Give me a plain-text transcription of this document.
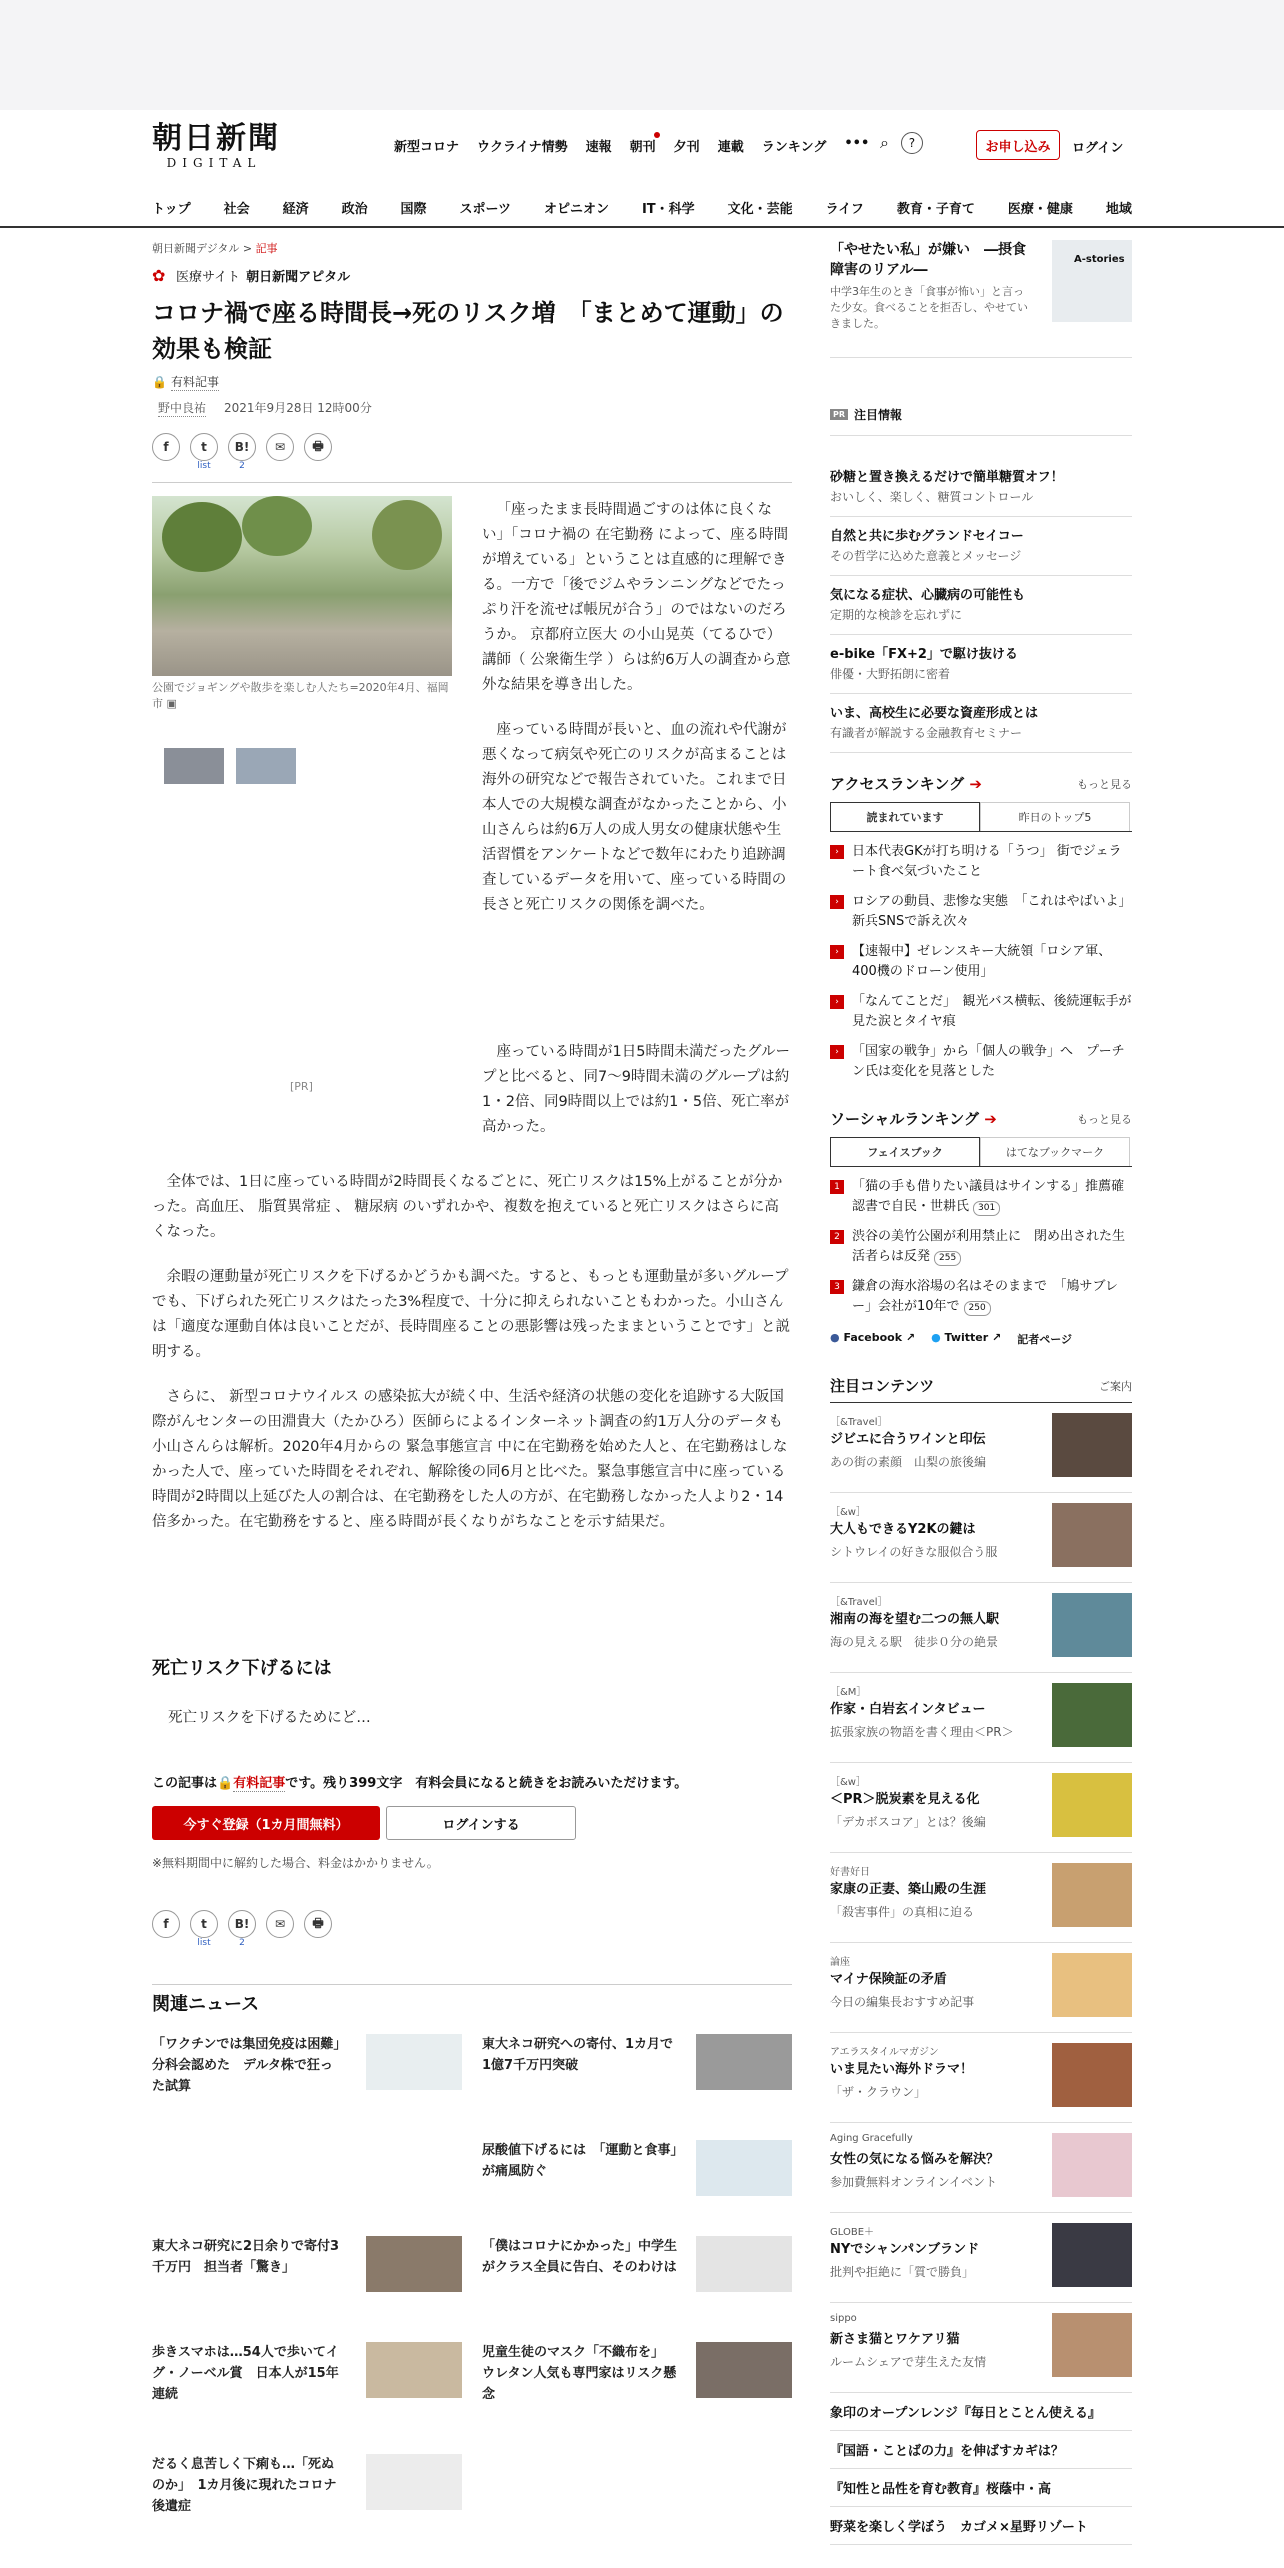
朝日新聞
DIGITAL
新型コロナ ウクライナ情勢 速報 朝刊 夕刊 連載 ランキング ••• ⌕	?	お申し込み	ログイン
トップ	社会	経済	政治	国際	スポーツ	オピニオン	IT・科学	文化・芸能	ライフ	教育・子育て	医療・健康	地域
朝日新聞デジタル > 記事
✿ 医療サイト 朝日新聞アピタル
コロナ禍で座る時間長→死のリスク増　「まとめて運動」の効果も検証
🔒 有料記事
野中良祐 2021年9月28日 12時00分
f	t
list
B!
2
✉	🖶
公園でジョギングや散歩を楽しむ人たち=2020年4月、福岡市 ▣
[PR]

「座ったまま長時間過ごすのは体に良くない」「コロナ禍の 在宅勤務 によって、座る時間が増えている」ということは直感的に理解できる。一方で「後でジムやランニングなどでたっぷり汗を流せば帳尻が合う」のではないのだろうか。 京都府立医大 の小山晃英（てるひで）講師（ 公衆衛生学 ）らは約6万人の調査から意外な結果を導き出した。

座っている時間が長いと、血の流れや代謝が悪くなって病気や死亡のリスクが高まることは海外の研究などで報告されていた。これまで日本人での大規模な調査がなかったことから、小山さんらは約6万人の成人男女の健康状態や生活習慣をアンケートなどで数年にわたり追跡調査しているデータを用いて、座っている時間の長さと死亡リスクの関係を調べた。

座っている時間が1日5時間未満だったグループと比べると、同7～9時間未満のグループは約1・2倍、同9時間以上では約1・5倍、死亡率が高かった。

全体では、1日に座っている時間が2時間長くなるごとに、死亡リスクは15%上がることが分かった。高血圧、 脂質異常症 、 糖尿病 のいずれかや、複数を抱えていると死亡リスクはさらに高くなった。

余暇の運動量が死亡リスクを下げるかどうかも調べた。すると、もっとも運動量が多いグループでも、下げられた死亡リスクはたった3%程度で、十分に抑えられないこともわかった。小山さんは「適度な運動自体は良いことだが、長時間座ることの悪影響は残ったままということです」と説明する。

さらに、 新型コロナウイルス の感染拡大が続く中、生活や経済の状態の変化を追跡する大阪国際がんセンターの田淵貴大（たかひろ）医師らによるインターネット調査の約1万人分のデータも小山さんらは解析。2020年4月からの 緊急事態宣言 中に在宅勤務を始めた人と、在宅勤務はしなかった人で、座っていた時間をそれぞれ、解除後の同6月と比べた。緊急事態宣言中に座っている時間が2時間以上延びた人の割合は、在宅勤務をした人の方が、在宅勤務しなかった人より2・14倍多かった。在宅勤務をすると、座る時間が長くなりがちなことを示す結果だ。

死亡リスク下げるには
死亡リスクを下げるためにど…
この記事は🔒有料記事です。残り399文字　有料会員になると続きをお読みいただけます。
今すぐ登録（1カ月間無料）	ログインする
※無料期間中に解約した場合、料金はかかりません。
f	t
list
B!
2
✉	🖶
関連ニュース
「ワクチンでは集団免疫は困難」分科会認めた　デルタ株で狂った試算
東大ネコ研究への寄付、1カ月で1億7千万円突破
尿酸値下げるには　「運動と食事」が痛風防ぐ
東大ネコ研究に2日余りで寄付3千万円　担当者「驚き」
「僕はコロナにかかった」中学生がクラス全員に告白、そのわけは
歩きスマホは…54人で歩いてイグ・ノーベル賞　日本人が15年連続
児童生徒のマスク「不織布を」　ウレタン人気も専門家はリスク懸念
だるく息苦しく下痢も…「死ぬのか」　1カ月後に現れたコロナ後遺症
「やせたい私」が嫌い　―摂食障害のリアル―
中学3年生のとき「食事が怖い」と言った少女。食べることを拒否し、やせていきました。
A-stories
PR 注目情報
砂糖と置き換えるだけで簡単糖質オフ！
おいしく、楽しく、糖質コントロール
自然と共に歩むグランドセイコー
その哲学に込めた意義とメッセージ
気になる症状、心臓病の可能性も
定期的な検診を忘れずに
e-bike「FX+2」で駆け抜ける
俳優・大野拓朗に密着
いま、高校生に必要な資産形成とは
有識者が解説する金融教育セミナー
アクセスランキング ➔	もっと見る
読まれています	昨日のトップ5
›	日本代表GKが打ち明ける「うつ」 街でジェラート食べ気づいたこと
›	ロシアの動員、悲惨な実態　「これはやばいよ」新兵SNSで訴え次々
›	【速報中】ゼレンスキー大統領「ロシア軍、400機のドローン使用」
›	「なんてことだ」　観光バス横転、後続運転手が見た涙とタイヤ痕
›	「国家の戦争」から「個人の戦争」へ　プーチン氏は変化を見落とした
ソーシャルランキング ➔	もっと見る
フェイスブック	はてなブックマーク
1 「猫の手も借りたい議員はサインする」推薦確認書で自民・世耕氏 301
2 渋谷の美竹公園が利用禁止に　閉め出された生活者らは反発 255
3 鎌倉の海水浴場の名はそのままで　「鳩サブレー」会社が10年で 250
● Facebook ↗ ● Twitter ↗ 記者ページ
注目コンテンツ	ご案内
［&Travel］
ジビエに合うワインと印伝
あの街の素顔　山梨の旅後編
［&w］
大人もできるY2Kの鍵は
シトウレイの好きな服似合う服
［&Travel］
湘南の海を望む二つの無人駅
海の見える駅　徒歩０分の絶景
［&M］
作家・白岩玄インタビュー
拡張家族の物語を書く理由＜PR＞
［&w］
＜PR＞脱炭素を見える化
「デカボスコア」とは？後編
好書好日
家康の正妻、築山殿の生涯
「殺害事件」の真相に迫る
論座
マイナ保険証の矛盾
今日の編集長おすすめ記事
アエラスタイルマガジン
いま見たい海外ドラマ！
「ザ・クラウン」
Aging Gracefully
女性の気になる悩みを解決？
参加費無料オンラインイベント
GLOBE＋
NYでシャンパンブランド
批判や拒絶に「質で勝負」
sippo
新さま猫とワケアリ猫
ルームシェアで芽生えた友情
象印のオープンレンジ『毎日とことん使える』
『国語・ことばの力』を伸ばすカギは？
『知性と品性を育む教育』桜蔭中・高
野菜を楽しく学ぼう　カゴメ×星野リゾート
